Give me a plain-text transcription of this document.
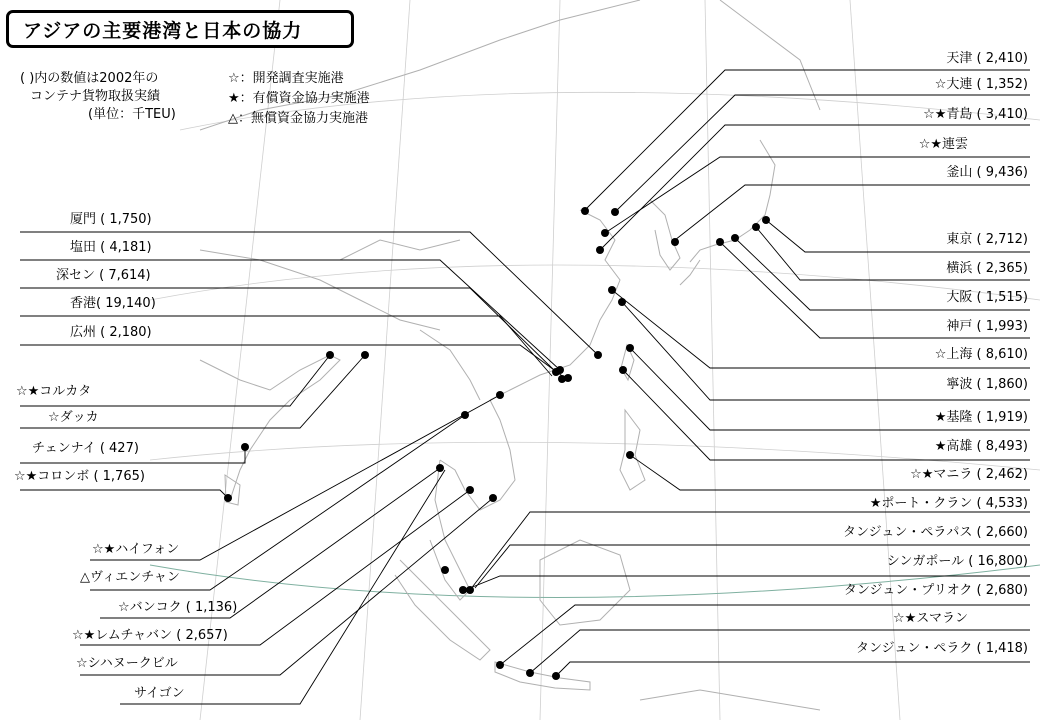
アジアの主要港湾と日本の協力
( )内の数値は2002年の
コンテナ貨物取扱実績
(単位：千TEU)
☆：開発調査実施港
★：有償資金協力実施港
△：無償資金協力実施港
天津 ( 2,410)
☆大連 ( 1,352)
☆★青島 ( 3,410)
☆★連雲
釜山 ( 9,436)
東京 ( 2,712)
横浜 ( 2,365)
大阪 ( 1,515)
神戸 ( 1,993)
☆上海 ( 8,610)
寧波 ( 1,860)
★基隆 ( 1,919)
★高雄 ( 8,493)
☆★マニラ ( 2,462)
★ポート・クラン ( 4,533)
タンジュン・ペラパス ( 2,660)
シンガポール ( 16,800)
タンジュン・プリオク ( 2,680)
☆★スマラン
タンジュン・ペラク ( 1,418)
厦門 ( 1,750)
塩田 ( 4,181)
深セン ( 7,614)
香港( 19,140)
広州 ( 2,180)
☆★コルカタ
☆ダッカ
チェンナイ ( 427)
☆★コロンボ ( 1,765)
☆★ハイフォン
△ヴィエンチャン
☆バンコク ( 1,136)
☆★レムチャバン ( 2,657)
☆シハヌークビル
サイゴン
